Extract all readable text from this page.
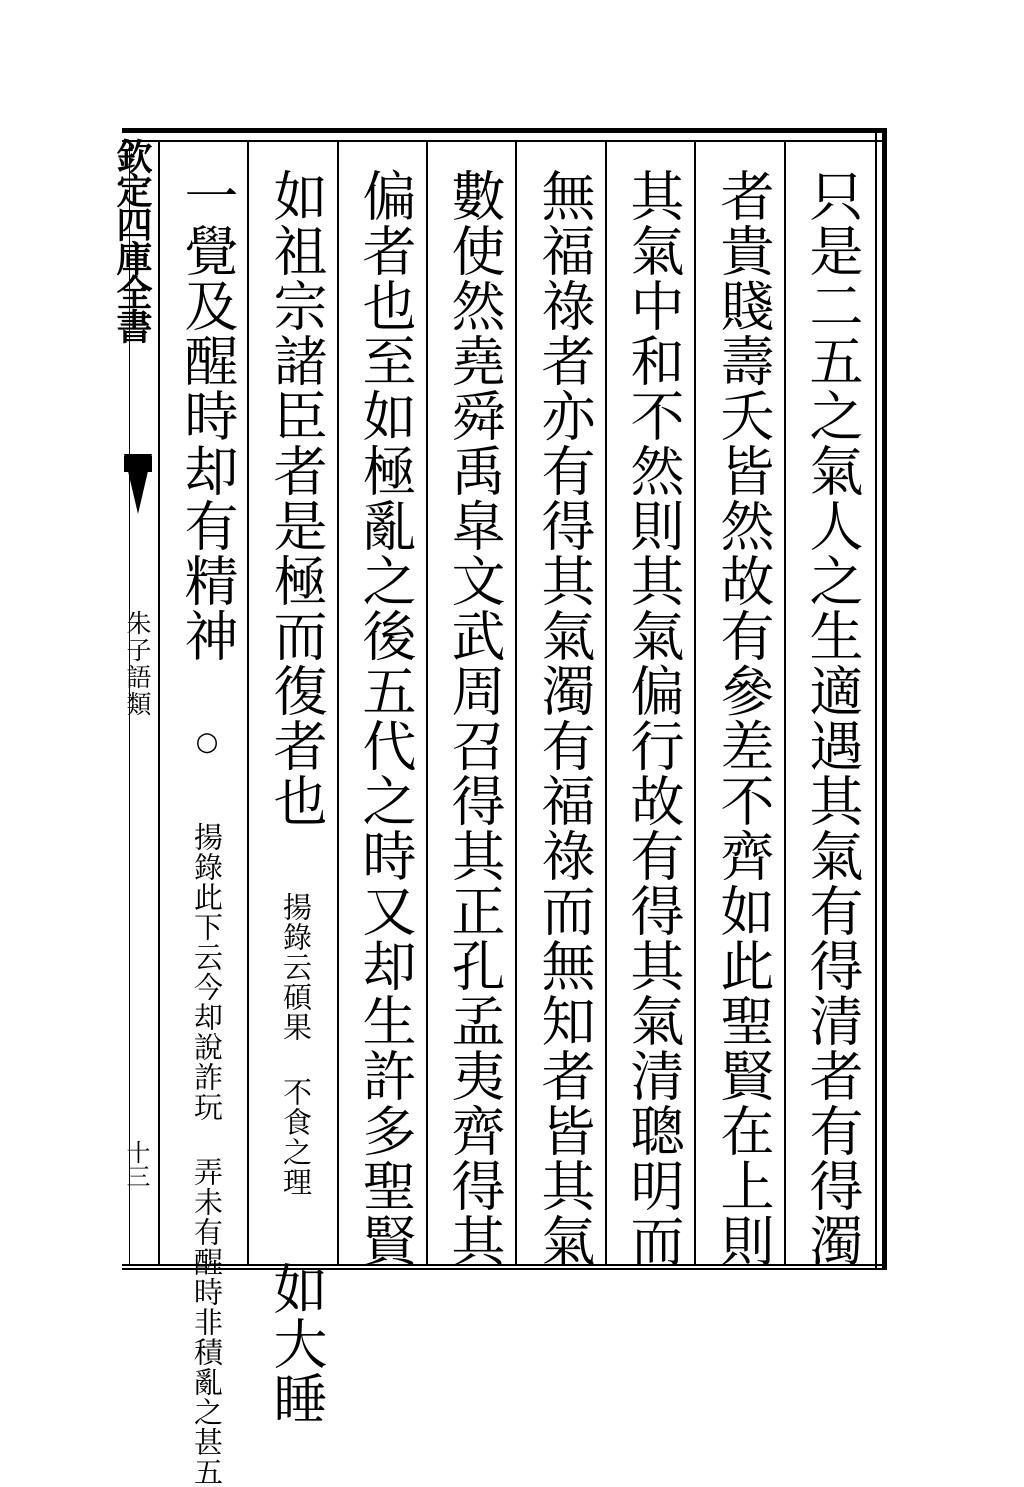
欽定四庫全書
朱子語類
十三	只是二五之氣人之生適遇其氣有得清者有得濁
者貴賤壽夭皆然故有參差不齊如此聖賢在上則
其氣中和不然則其氣偏行故有得其氣清聰明而
無福祿者亦有得其氣濁有福祿而無知者皆其氣
數使然堯舜禹皐文武周召得其正孔孟夷齊得其
偏者也至如極亂之後五代之時又却生許多聖賢
如祖宗諸臣者是極而復者也 揚錄云碩果 不食之理 如大睡
一覺及醒時却有精神 ○ 揚錄此下云今却說詐玩 弄未有醒時非積亂之甚五
